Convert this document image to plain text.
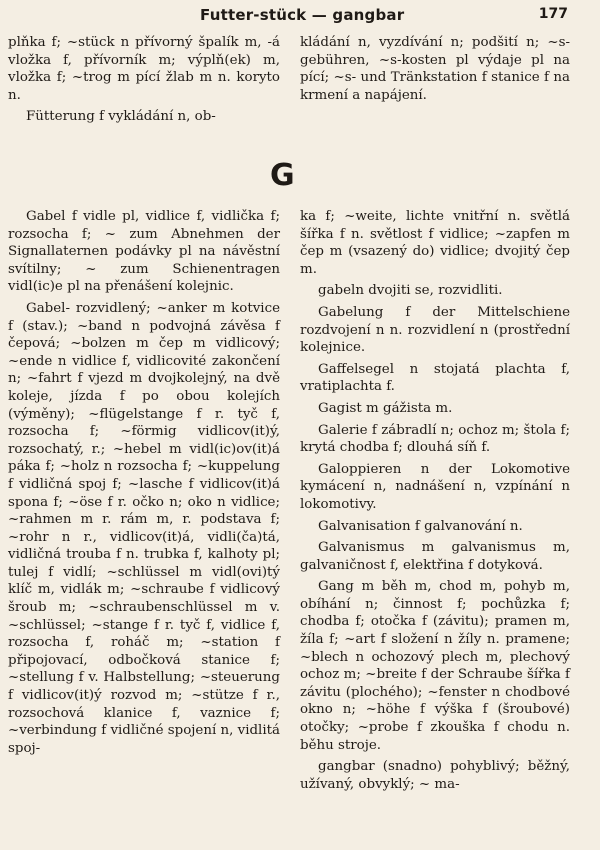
Futter-stück — gangbar	177

plňka f; ~stück n přívorný špalík m, -á vložka f, přívorník m; výplň(ek) m, vložka f; ~trog m pící žlab m n. koryto n.

Fütterung f vykládání n, ob-

kládání n, vyzdívání n; podšití n; ~s-gebühren, ~s-kosten pl výdaje pl na pící; ~s- und Tränkstation f stanice f na krmení a napájení.

G

Gabel f vidle pl, vidlice f, vidlička f; rozsocha f; ~ zum Abnehmen der Signallaternen podávky pl na návěstní svítilny; ~ zum Schienentragen vidl(ic)e pl na přenášení kolejnic.

Gabel- rozvidlený; ~anker m kotvice f (stav.); ~band n podvojná závěsa f čepová; ~bolzen m čep m vidlicový; ~ende n vidlice f, vidlicovité zakončení n; ~fahrt f vjezd m dvojkolejný, na dvě koleje, jízda f po obou kolejích (výměny); ~flügelstange f r. tyč f, rozsocha f; ~förmig vidlicov(it)ý, rozsochatý, r.; ~hebel m vidl(ic)ov(it)á páka f; ~holz n rozsocha f; ~kuppelung f vidličná spoj f; ~lasche f vidlicov(it)á spona f; ~öse f r. očko n; oko n vidlice; ~rahmen m r. rám m, r. podstava f; ~rohr n r., vidlicov(it)á, vidli(ča)tá, vidličná trouba f n. trubka f, kalhoty pl; tulej f vidlí; ~schlüssel m vidl(ovi)tý klíč m, vidlák m; ~schraube f vidlicový šroub m; ~schraubenschlüssel m v. ~schlüssel; ~stange f r. tyč f, vidlice f, rozsocha f, roháč m; ~station f připojovací, odbočková stanice f; ~stellung f v. Halbstellung; ~steuerung f vidlicov(it)ý rozvod m; ~stütze f r., rozsochová klanice f, vaznice f; ~verbindung f vidličné spojení n, vidlitá spoj-

ka f; ~weite, lichte vnitřní n. světlá šířka f n. světlost f vidlice; ~zapfen m čep m (vsazený do) vidlice; dvojitý čep m.

gabeln dvojiti se, rozvidliti.

Gabelung f der Mittelschiene rozdvojení n n. rozvidlení n (prostřední kolejnice.

Gaffelsegel n stojatá plachta f, vratiplachta f.

Gagist m gážista m.

Galerie f zábradlí n; ochoz m; štola f; krytá chodba f; dlouhá síň f.

Galoppieren n der Lokomotive kymácení n, nadnášení n, vzpínání n lokomotivy.

Galvanisation f galvanování n.

Galvanismus m galvanismus m, galvaničnost f, elektřina f dotyková.

Gang m běh m, chod m, pohyb m, obíhání n; činnost f; pochůzka f; chodba f; otočka f (závitu); pramen m, žíla f; ~art f složení n žíly n. pramene; ~blech n ochozový plech m, plechový ochoz m; ~breite f der Schraube šířka f závitu (plochého); ~fenster n chodbové okno n; ~höhe f výška f (šroubové) otočky; ~probe f zkouška f chodu n. běhu stroje.

gangbar (snadno) pohyblivý; běžný, užívaný, obvyklý; ~ ma-
